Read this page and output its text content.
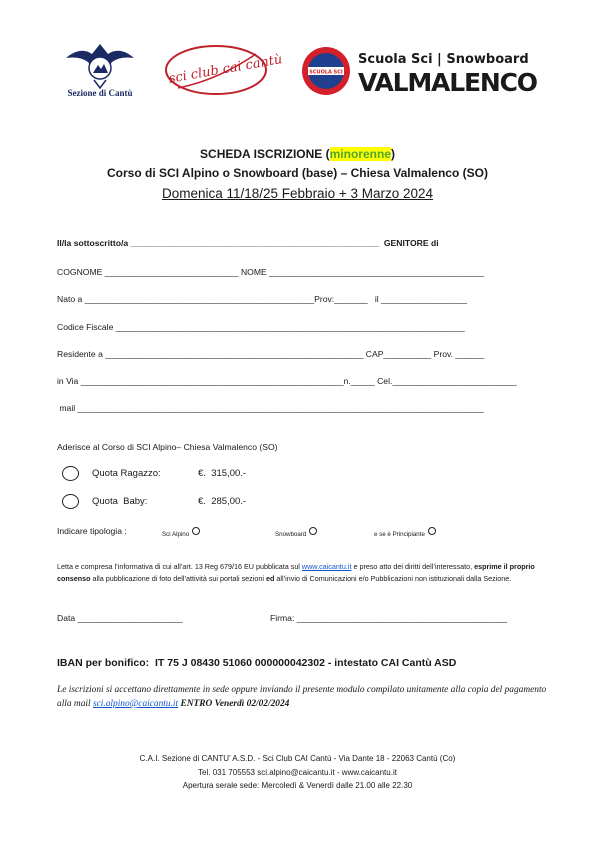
Sezione di Cantù
sci club cai cantù	SCUOLA SCI
Scuola Sci | Snowboard
VALMALENCO
SCHEDA ISCRIZIONE (minorenne)
Corso di SCI Alpino o Snowboard (base) – Chiesa Valmalenco (SO)
Domenica 11/18/25 Febbraio + 3 Marzo 2024
Il/la sottoscritto/a ____________________________________________________  GENITORE di
COGNOME ____________________________ NOME _____________________________________________
Nato a ________________________________________________Prov:_______   il __________________
Codice Fiscale _________________________________________________________________________
Residente a ______________________________________________________ CAP__________ Prov. ______
in Via _______________________________________________________n._____ Cel.__________________________
mail _____________________________________________________________________________________
Aderisce al Corso di SCI Alpino– Chiesa Valmalenco (SO)
Quota Ragazzo:	€.  315,00.-
Quota  Baby:	€.  285,00.-
Indicare tipologia :	Sci Alpino	Snowboard	e se è Principiante
Letta e compresa l’informativa di cui all’art. 13 Reg 679/16 EU pubblicata sul www.caicantu.it e preso atto dei diritti dell’interessato, esprime il proprio consenso alla pubblicazione di foto dell’attività sui portali sezioni ed all’invio di Comunicazioni e/o Pubblicazioni non istituzionali dalla Sezione.
Data ______________________	Firma: ____________________________________________
IBAN per bonifico:  IT 75 J 08430 51060 000000042302 - intestato CAI Cantù ASD
Le iscrizioni si accettano direttamente in sede oppure inviando il presente modulo compilato unitamente alla copia del pagamento alla mail sci.alpino@caicantu.it ENTRO Venerdì 02/02/2024
C.A.I. Sezione di CANTU’ A.S.D. - Sci Club CAI Cantù - Via Dante 18 - 22063 Cantù (Co)
Tel. 031 705553 sci.alpino@caicantu.it - www.caicantu.it
Apertura serale sede: Mercoledì & Venerdì dalle 21.00 alle 22.30
